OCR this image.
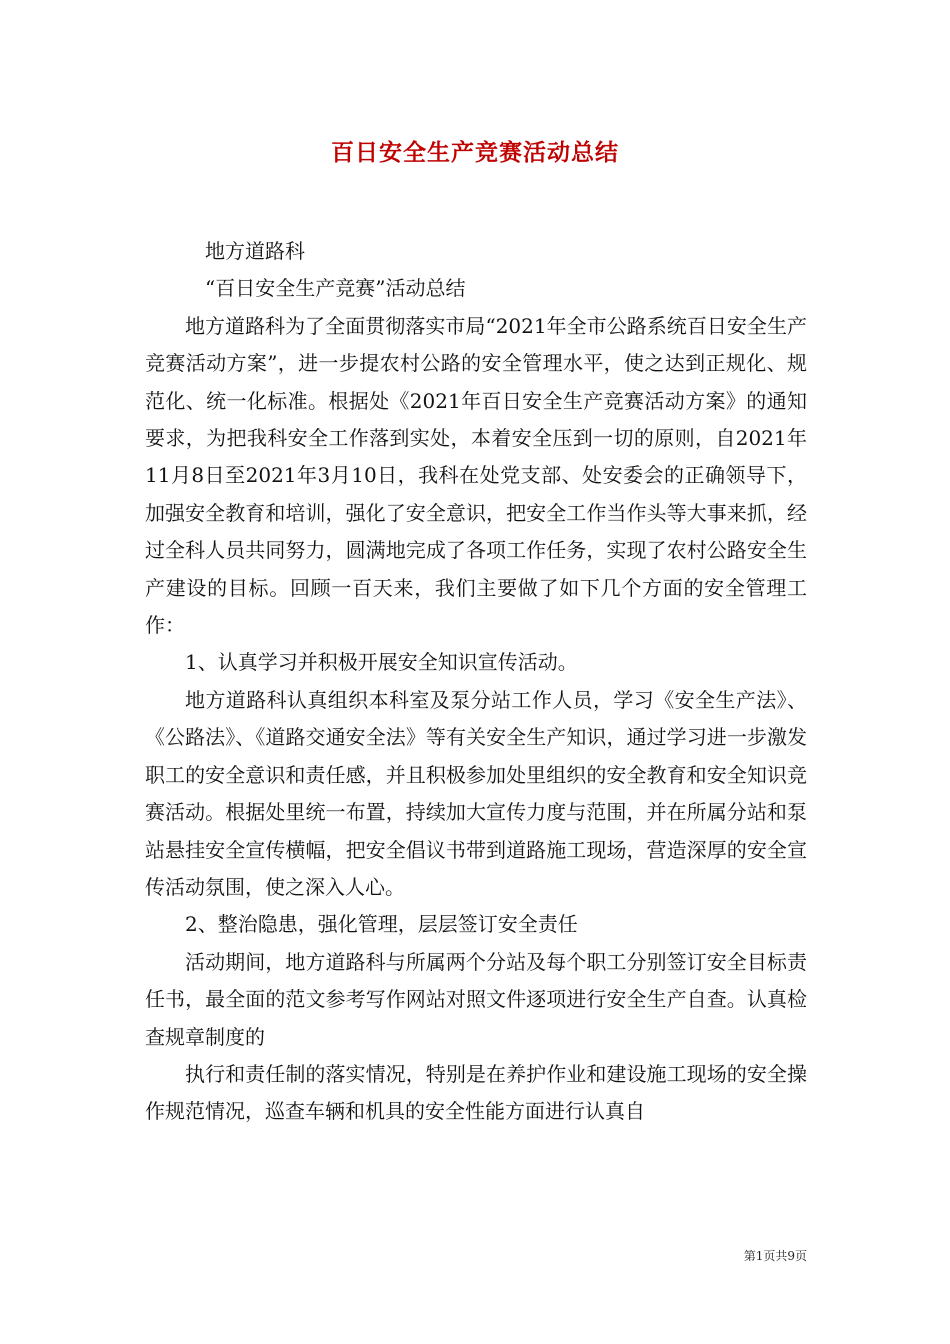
百日安全生产竞赛活动总结

地方道路科

“百日安全生产竞赛”活动总结

地方道路科为了全面贯彻落实市局“2021年全市公路系统百日安全生产竞赛活动方案”，进一步提农村公路的安全管理水平，使之达到正规化、规范化、统一化标准。根据处《2021年百日安全生产竞赛活动方案》的通知要求，为把我科安全工作落到实处，本着安全压到一切的原则，自2021年11月8日至2021年3月10日，我科在处党支部、处安委会的正确领导下，加强安全教育和培训，强化了安全意识，把安全工作当作头等大事来抓，经过全科人员共同努力，圆满地完成了各项工作任务，实现了农村公路安全生产建设的目标。回顾一百天来，我们主要做了如下几个方面的安全管理工作：

1、认真学习并积极开展安全知识宣传活动。

地方道路科认真组织本科室及泵分站工作人员，学习《安全生产法》、《公路法》、《道路交通安全法》等有关安全生产知识，通过学习进一步激发职工的安全意识和责任感，并且积极参加处里组织的安全教育和安全知识竞赛活动。根据处里统一布置，持续加大宣传力度与范围，并在所属分站和泵站悬挂安全宣传横幅，把安全倡议书带到道路施工现场，营造深厚的安全宣传活动氛围，使之深入人心。

2、整治隐患，强化管理，层层签订安全责任

活动期间，地方道路科与所属两个分站及每个职工分别签订安全目标责任书，最全面的范文参考写作网站对照文件逐项进行安全生产自查。认真检查规章制度的

执行和责任制的落实情况，特别是在养护作业和建设施工现场的安全操作规范情况，巡查车辆和机具的安全性能方面进行认真自

第1页共9页
